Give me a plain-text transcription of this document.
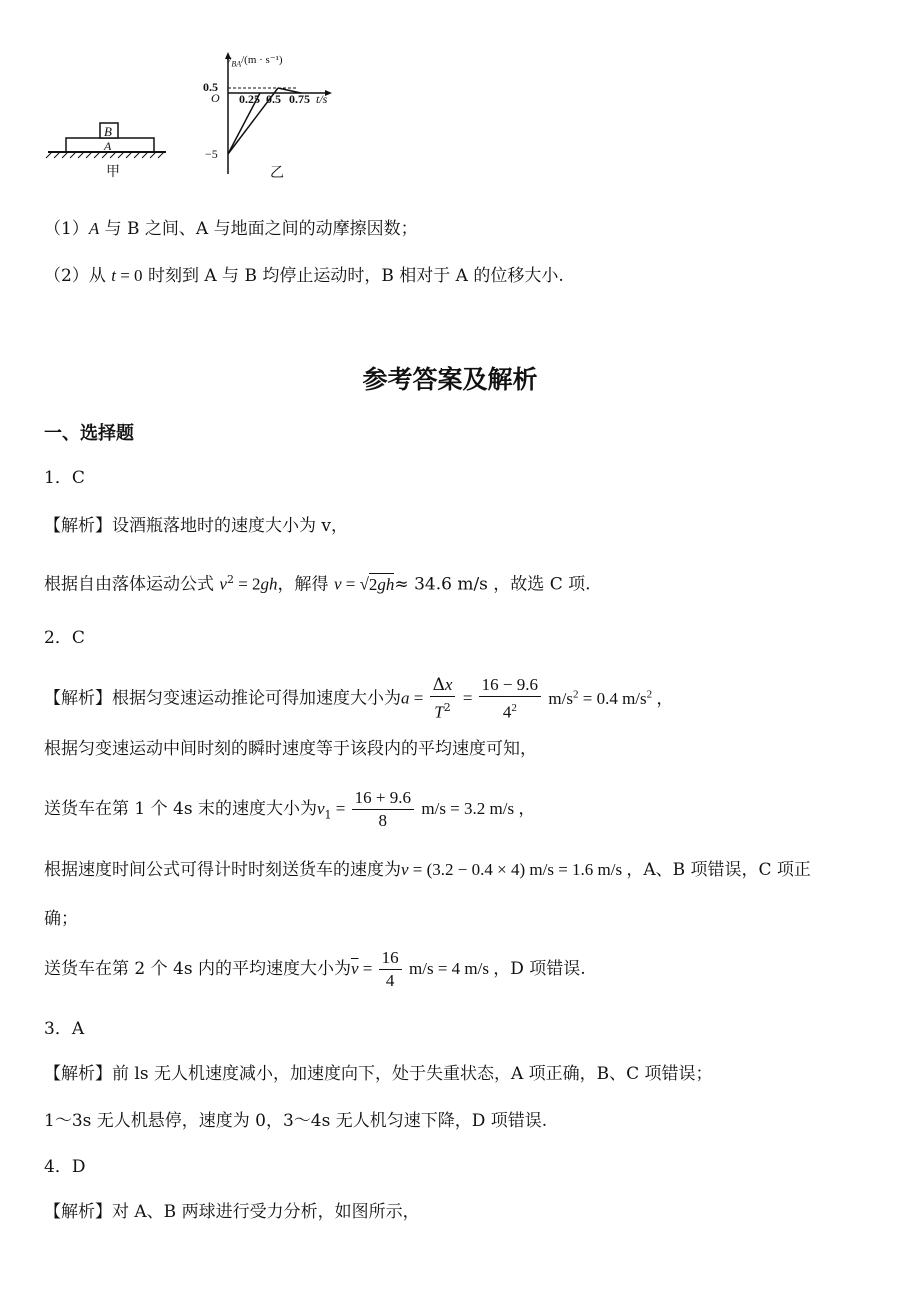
B
A
甲
$v_{BA}/(m \cdot s^{-1})$
0.5
O 0.25 0.5 0.75 t/s
−5
乙
（1）A 与 B 之间、A 与地面之间的动摩擦因数；
（2）从 t = 0 时刻到 A 与 B 均停止运动时，B 相对于 A 的位移大小.
参考答案及解析
一、选择题
1．C
【解析】设酒瓶落地时的速度大小为 v，
根据自由落体运动公式 $v^2 = 2gh$，解得 v = √2gh≈ 34.6 m/s ，故选 C 项.
2．C
【解析】根据匀变速运动推论可得加速度大小为$a = \frac{\Delta x}{T^2} = \frac{16 - 9.6}{4^2} m/s^2 = 0.4$ $m/s^2$ ，
根据匀变速运动中间时刻的瞬时速度等于该段内的平均速度可知，
送货车在第 1 个 4s 末的速度大小为$v_1 = \frac{16 + 9.6}{8} m/s = 3.2$ m/s ，
根据速度时间公式可得计时时刻送货车的速度为v = (3.2 − 0.4 × 4) m/s = 1.6 m/s ，A、B 项错误，C 项正
确；
送货车在第 2 个 4s 内的平均速度大小为$\overline{v} = \frac{16}{4} m/s = 4$ m/s ，D 项错误.
3．A
【解析】前 ls 无人机速度减小，加速度向下，处于失重状态，A 项正确，B、C 项错误；
1～3s 无人机悬停，速度为 0，3～4s 无人机匀速下降，D 项错误.
4．D
【解析】对 A、B 两球进行受力分析，如图所示，
